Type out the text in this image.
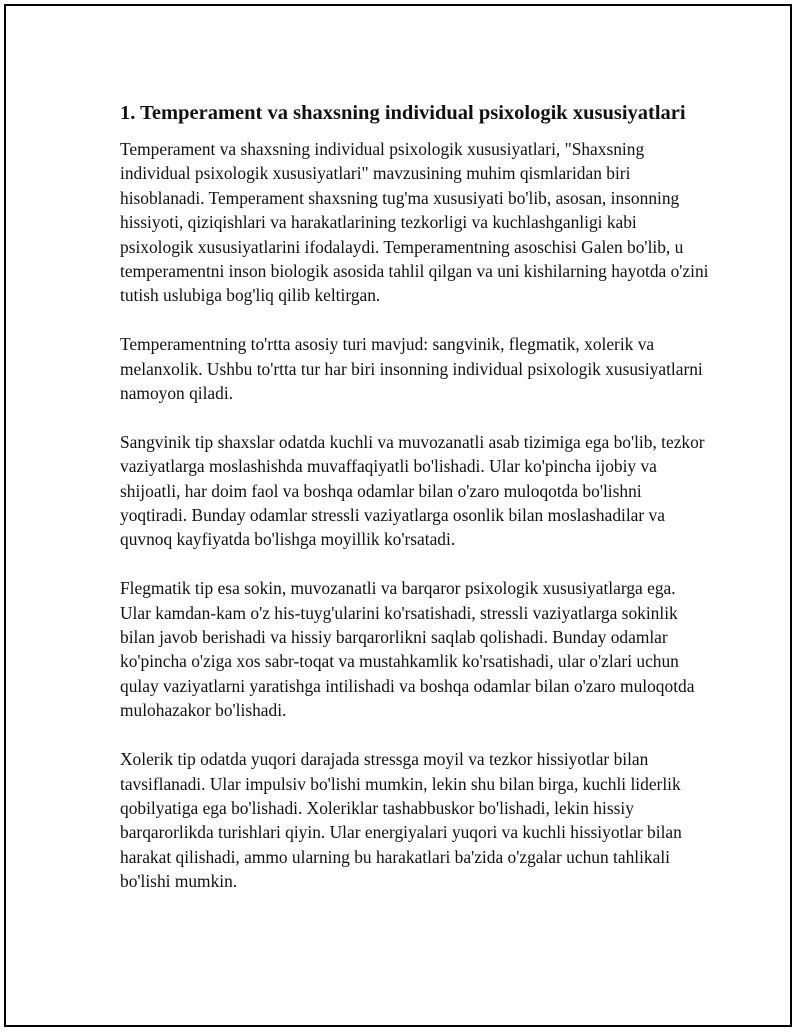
1. Temperament va shaxsning individual psixologik xususiyatlari

Temperament va shaxsning individual psixologik xususiyatlari, "Shaxsning individual psixologik xususiyatlari" mavzusining muhim qismlaridan biri hisoblanadi. Temperament shaxsning tug'ma xususiyati bo'lib, asosan, insonning hissiyoti, qiziqishlari va harakatlarining tezkorligi va kuchlashganligi kabi psixologik xususiyatlarini ifodalaydi. Temperamentning asoschisi Galen bo'lib, u temperamentni inson biologik asosida tahlil qilgan va uni kishilarning hayotda o'zini tutish uslubiga bog'liq qilib keltirgan.

Temperamentning to'rtta asosiy turi mavjud: sangvinik, flegmatik, xolerik va melanxolik. Ushbu to'rtta tur har biri insonning individual psixologik xususiyatlarni namoyon qiladi.

Sangvinik tip shaxslar odatda kuchli va muvozanatli asab tizimiga ega bo'lib, tezkor vaziyatlarga moslashishda muvaffaqiyatli bo'lishadi. Ular ko'pincha ijobiy va shijoatli, har doim faol va boshqa odamlar bilan o'zaro muloqotda bo'lishni yoqtiradi. Bunday odamlar stressli vaziyatlarga osonlik bilan moslashadilar va quvnoq kayfiyatda bo'lishga moyillik ko'rsatadi.

Flegmatik tip esa sokin, muvozanatli va barqaror psixologik xususiyatlarga ega. Ular kamdan-kam o'z his-tuyg'ularini ko'rsatishadi, stressli vaziyatlarga sokinlik bilan javob berishadi va hissiy barqarorlikni saqlab qolishadi. Bunday odamlar ko'pincha o'ziga xos sabr-toqat va mustahkamlik ko'rsatishadi, ular o'zlari uchun qulay vaziyatlarni yaratishga intilishadi va boshqa odamlar bilan o'zaro muloqotda mulohazakor bo'lishadi.

Xolerik tip odatda yuqori darajada stressga moyil va tezkor hissiyotlar bilan tavsiflanadi. Ular impulsiv bo'lishi mumkin, lekin shu bilan birga, kuchli liderlik qobilyatiga ega bo'lishadi. Xoleriklar tashabbuskor bo'lishadi, lekin hissiy barqarorlikda turishlari qiyin. Ular energiyalari yuqori va kuchli hissiyotlar bilan harakat qilishadi, ammo ularning bu harakatlari ba'zida o'zgalar uchun tahlikali bo'lishi mumkin.
